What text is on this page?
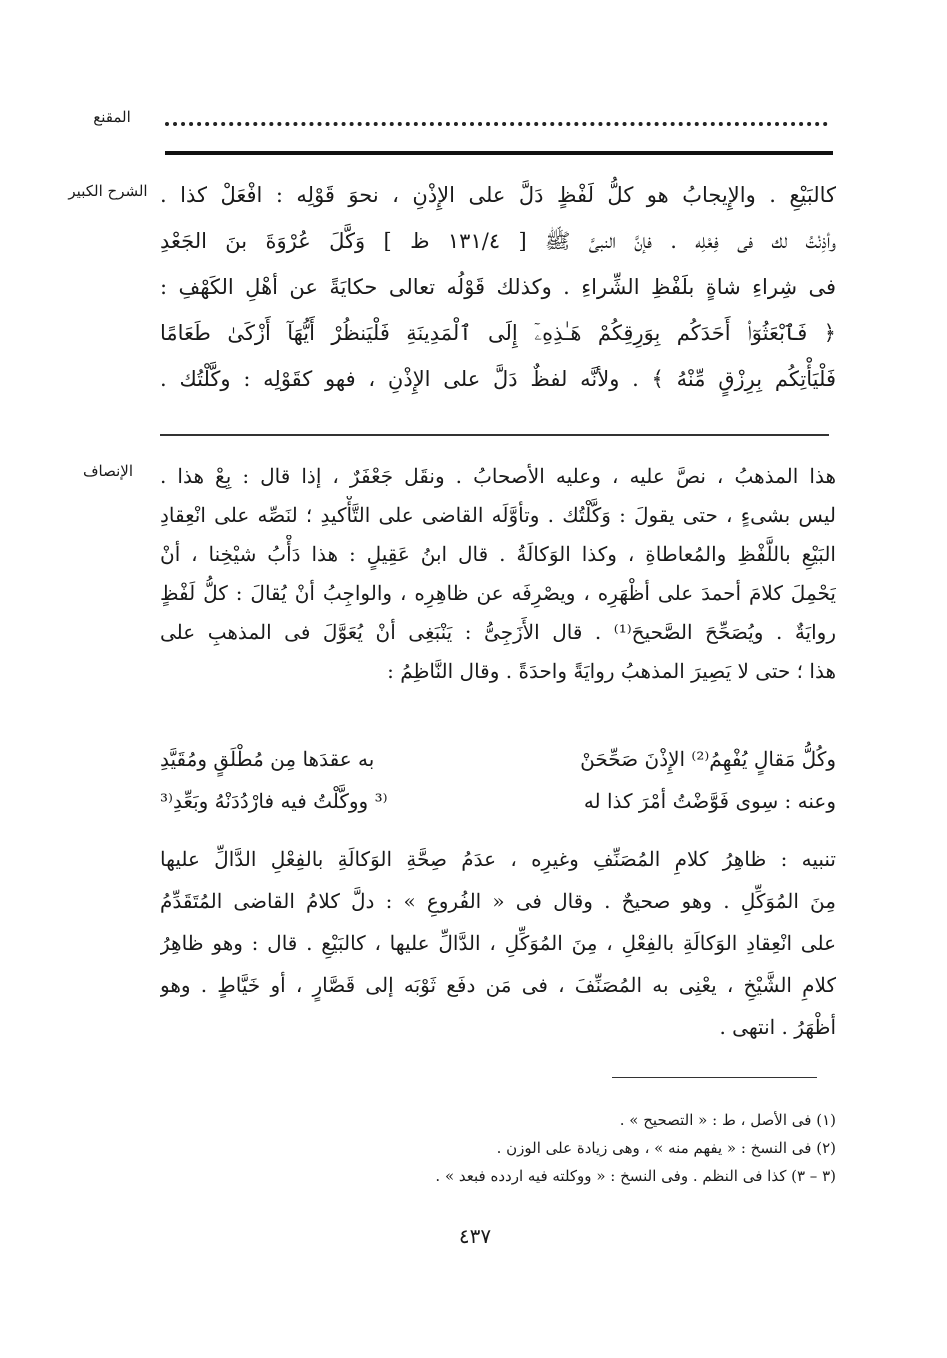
المقنع
الشرح الكبير كالبَيْعِ . والإِيجابُ هو كلُّ لَفْظٍ دَلَّ على الإِذْنِ ، نحوَ قَوْلِه : افْعَلْ كذا .
وأذِنْتُ لك فى فِعْلِه . فإنَّ النبىَّ ﷺ [ ١٣١/٤ ظ ] وَكَّلَ عُرْوَةَ بنَ الجَعْدِ
فى شِراءِ شاةٍ بلَفْظِ الشِّراءِ . وكذلك قَوْلُه تعالى حكايَةً عن أهْلِ الكَهْفِ :
﴿ فَٱبْعَثُوٓا۟ أَحَدَكُم بِوَرِقِكُمْ هَـٰذِهِۦٓ إِلَى ٱلْمَدِينَةِ فَلْيَنظُرْ أَيُّهَآ أَزْكَىٰ طَعَامًا
فَلْيَأْتِكُم بِرِزْقٍ مِّنْهُ ﴾ . ولأنَّه لفظٌ دَلَّ على الإِذْنِ ، فهو كقَوْلِه : وكَّلْتُك .
الإنصاف	هذا المذهبُ ، نصَّ عليه ، وعليه الأصحابُ . ونقَل جَعْفَرٌ ، إذا قال : بِعْ هذا .
ليس بشىءٍ ، حتى يقولَ : وَكَّلْتُك . وتأوَّلَه القاضى على التَّأْكيدِ ؛ لنَصِّه على انْعِقادِ
البَيْعِ باللَّفْظِ والمُعاطاةِ ، وكذا الوَكالَةُ . قال ابنُ عَقِيلٍ : هذا دَأْبُ شيْخِنا ، أنْ
يَحْمِلَ كلامَ أحمدَ على أظْهَرِه ، ويصْرِفَه عن ظاهِرِه ، والواجِبُ أنْ يُقالَ : كلُّ لَفْظٍ
روايَةٌ . ويُصَحِّحَ الصَّحيحَ⁽¹⁾ . قال الأَزَجِىُّ : يَنْبَغِى أنْ يُعَوَّلَ فى المذهبِ على
هذا ؛ حتى لا يَصِيرَ المذهبُ روايَةً واحدَةً . وقال النَّاظِمُ :
وكُلُّ مَقالٍ يُفْهِمُ⁽²⁾ الإِذْنَ صَحِّحَنْ
به عقدَها مِن مُطْلَقٍ ومُقَيَّدِ
وعنه : سِوى فَوَّضْتُ أمْرَ كذا له
⁽³ ووكَّلْتُ فيه فارْدُدَنْهُ وبَعِّدِ⁽³
تنبيه : ظاهِرُ كلامِ المُصَنِّفِ وغيرِه ، عدَمُ صِحَّةِ الوَكالَةِ بالفِعْلِ الدَّالِّ عليها
مِنَ المُوَكِّلِ . وهو صحيحٌ . وقال فى « الفُروعِ » : دلَّ كلامُ القاضى المُتَقَدِّمُ
على انْعِقادِ الوَكالَةِ بالفِعْلِ ، مِنَ المُوَكِّلِ ، الدَّالِّ عليها ، كالبَيْعِ . قال : وهو ظاهِرُ
كلامِ الشَّيْخِ ، يعْنِى به المُصَنِّفَ ، فى مَن دفَع ثَوْبَه إلى قَصَّارٍ ، أو خَيَّاطٍ . وهو
أظْهَرُ . انتهى .
(١) فى الأصل ، ط : « التصحيح » .
(٢) فى النسخ : « يفهم منه » ، وهى زيادة على الوزن .
(٣ – ٣) كذا فى النظم . وفى النسخ : « ووكلته فيه اردده فبعد » .
٤٣٧
